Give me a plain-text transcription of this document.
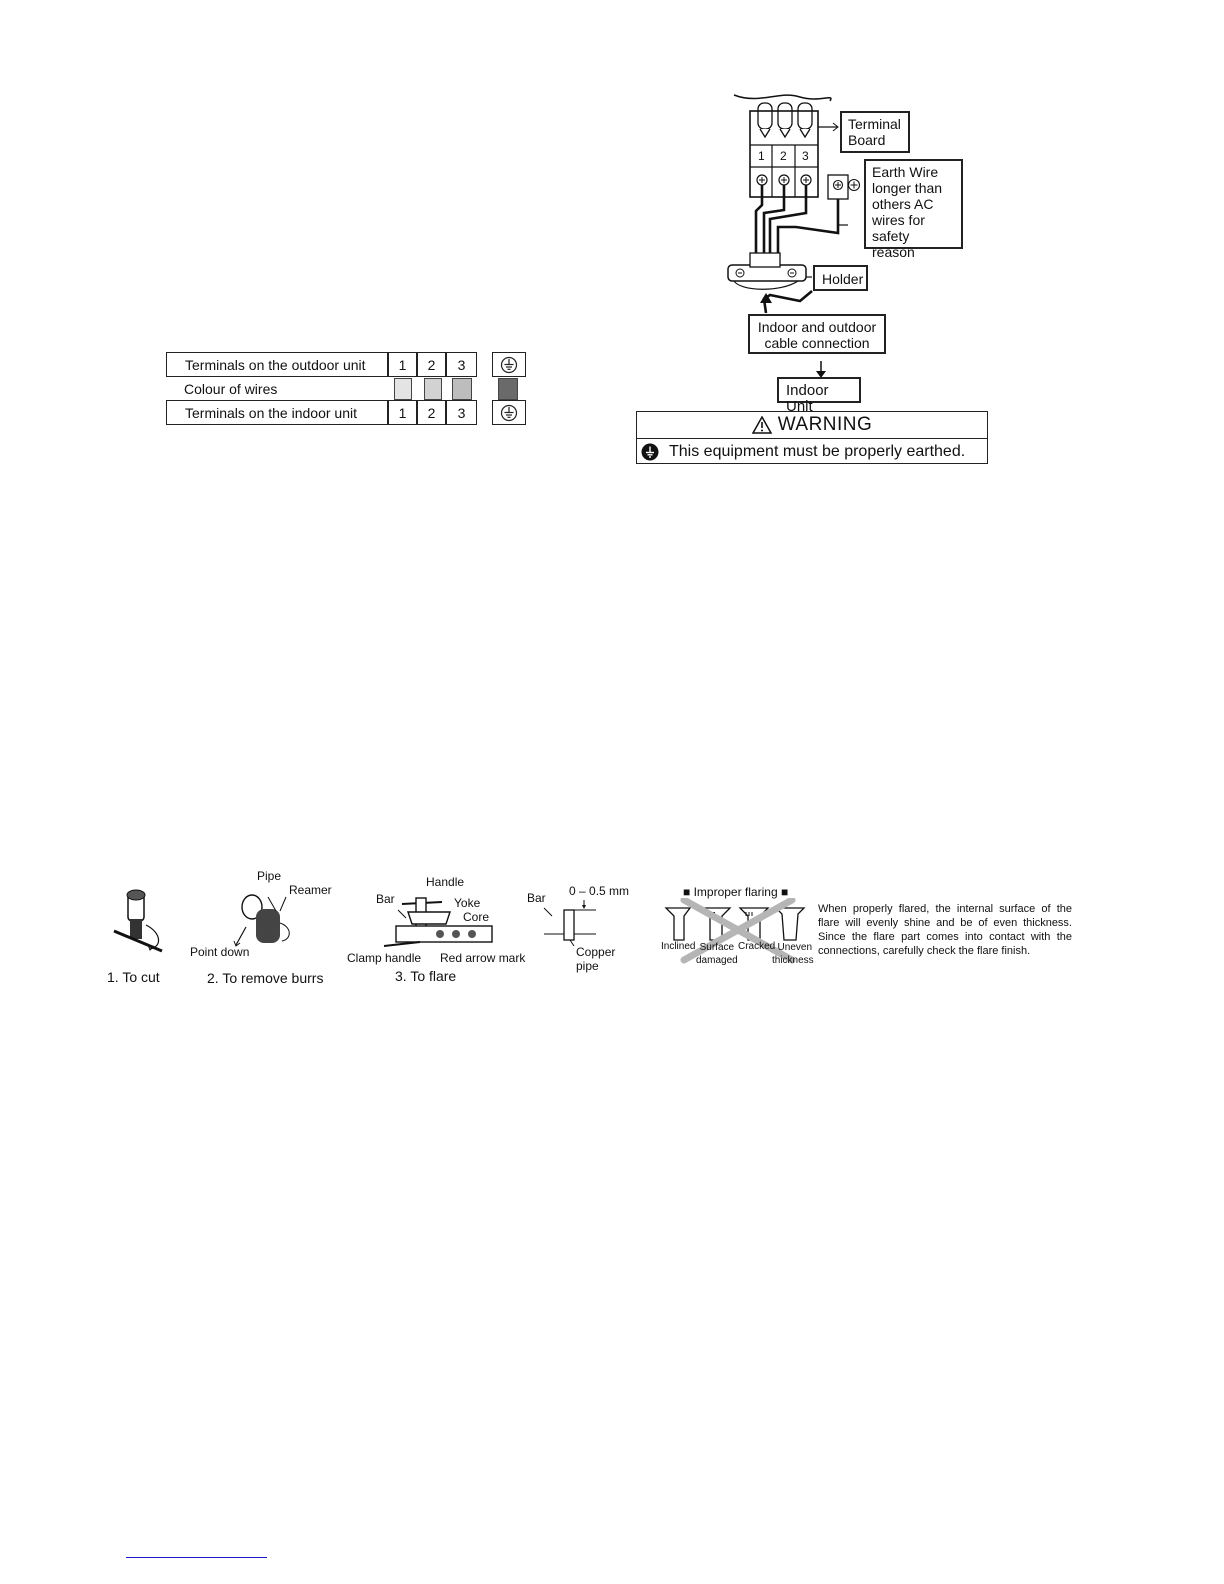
Terminals on the outdoor unit 1 2 3
Colour of wires
Terminals on the indoor unit	1 2 3
Terminal Board
1 2 3
Earth Wire
longer than
others AC
wires for
safety reason
Holder
Indoor and outdoor
cable connection
Indoor Unit
WARNING
This equipment must be properly earthed.
1. To cut
Pipe
Reamer
Point down
2. To remove burrs
Handle
Bar	Yoke
Core
Clamp handle Red arrow mark
3. To flare
Bar 0 – 0.5 mm
Copper
pipe
■ Improper flaring ■
Inclined Surface
damaged
Cracked Uneven
thickness
When properly flared, the internal surface of the flare will evenly shine and be of even thickness. Since the flare part comes into contact with the connections, carefully check the flare finish.
